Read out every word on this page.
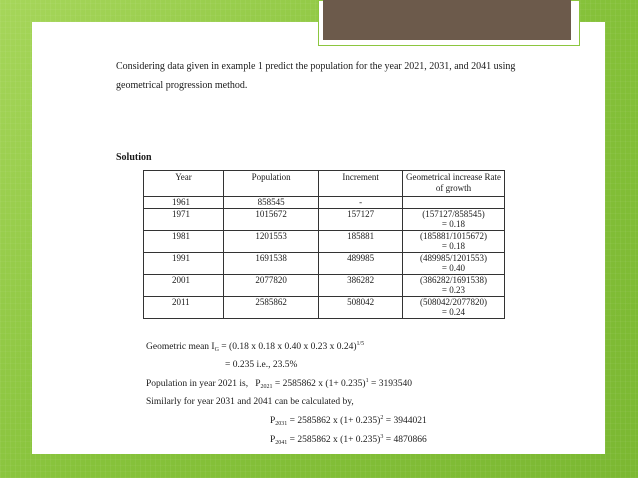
Considering data given in example 1 predict the population for the year 2021, 2031, and 2041 using geometrical progression method.
Solution
Year	Population	Increment	Geometrical increase Rate of growth
1961	858545	-	
1971	1015672	157127	(157127/858545)
= 0.18

1981	1201553	185881	(185881/1015672)
= 0.18

1991	1691538	489985	(489985/1201553)
= 0.40

2001	2077820	386282	(386282/1691538)
= 0.23

2011	2585862	508042	(508042/2077820)
= 0.24
Geometric mean $I_G = (0.18$ x 0.18 x 0.40 x 0.23 x 0.24)$^{1/5}$
= 0.235 i.e., 23.5%
Population in year 2021 is, $P_{2021} = 2585862$ x $(1+ 0.235)^1 = 3193540$
Similarly for year 2031 and 2041 can be calculated by,
$P_{2031} = 2585862$ x $(1+ 0.235)^2 = 3944021$
$P_{2041} = 2585862$ x $(1+ 0.235)^3 = 4870866$
